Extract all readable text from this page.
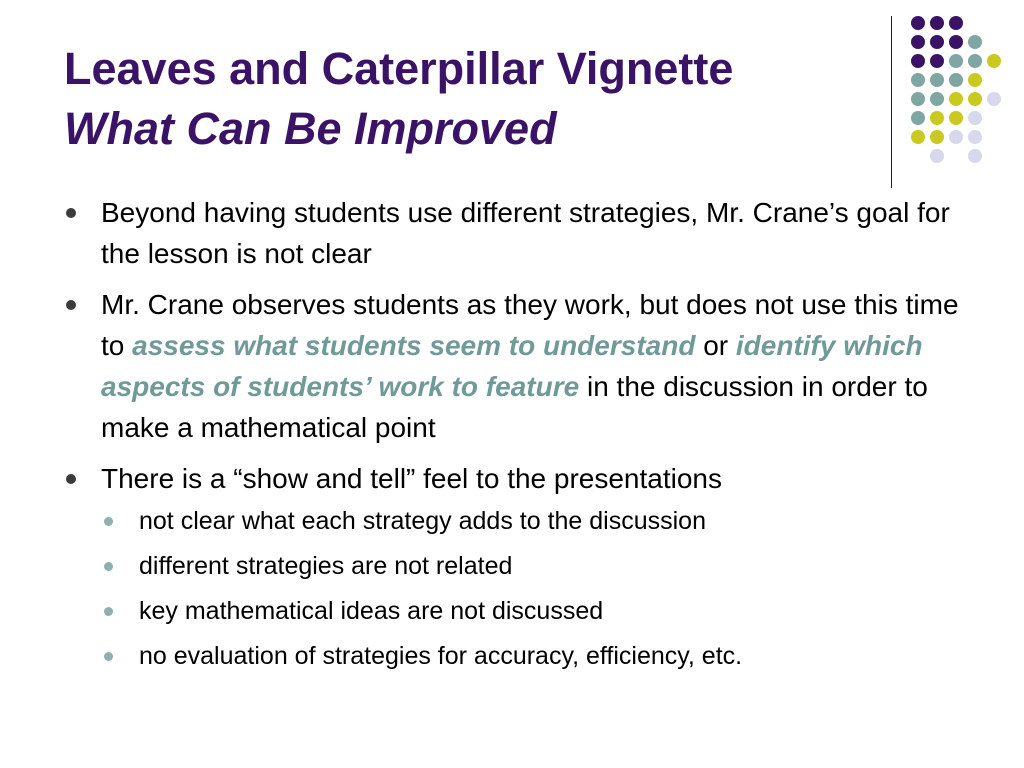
Leaves and Caterpillar Vignette
What Can Be Improved
Beyond having students use different strategies, Mr. Crane’s goal for the lesson is not clear
Mr. Crane observes students as they work, but does not use this time to assess what students seem to understand or identify which aspects of students’ work to feature in the discussion in order to make a mathematical point
There is a “show and tell” feel to the presentations
not clear what each strategy adds to the discussion
different strategies are not related
key mathematical ideas are not discussed
no evaluation of strategies for accuracy, efficiency, etc.
